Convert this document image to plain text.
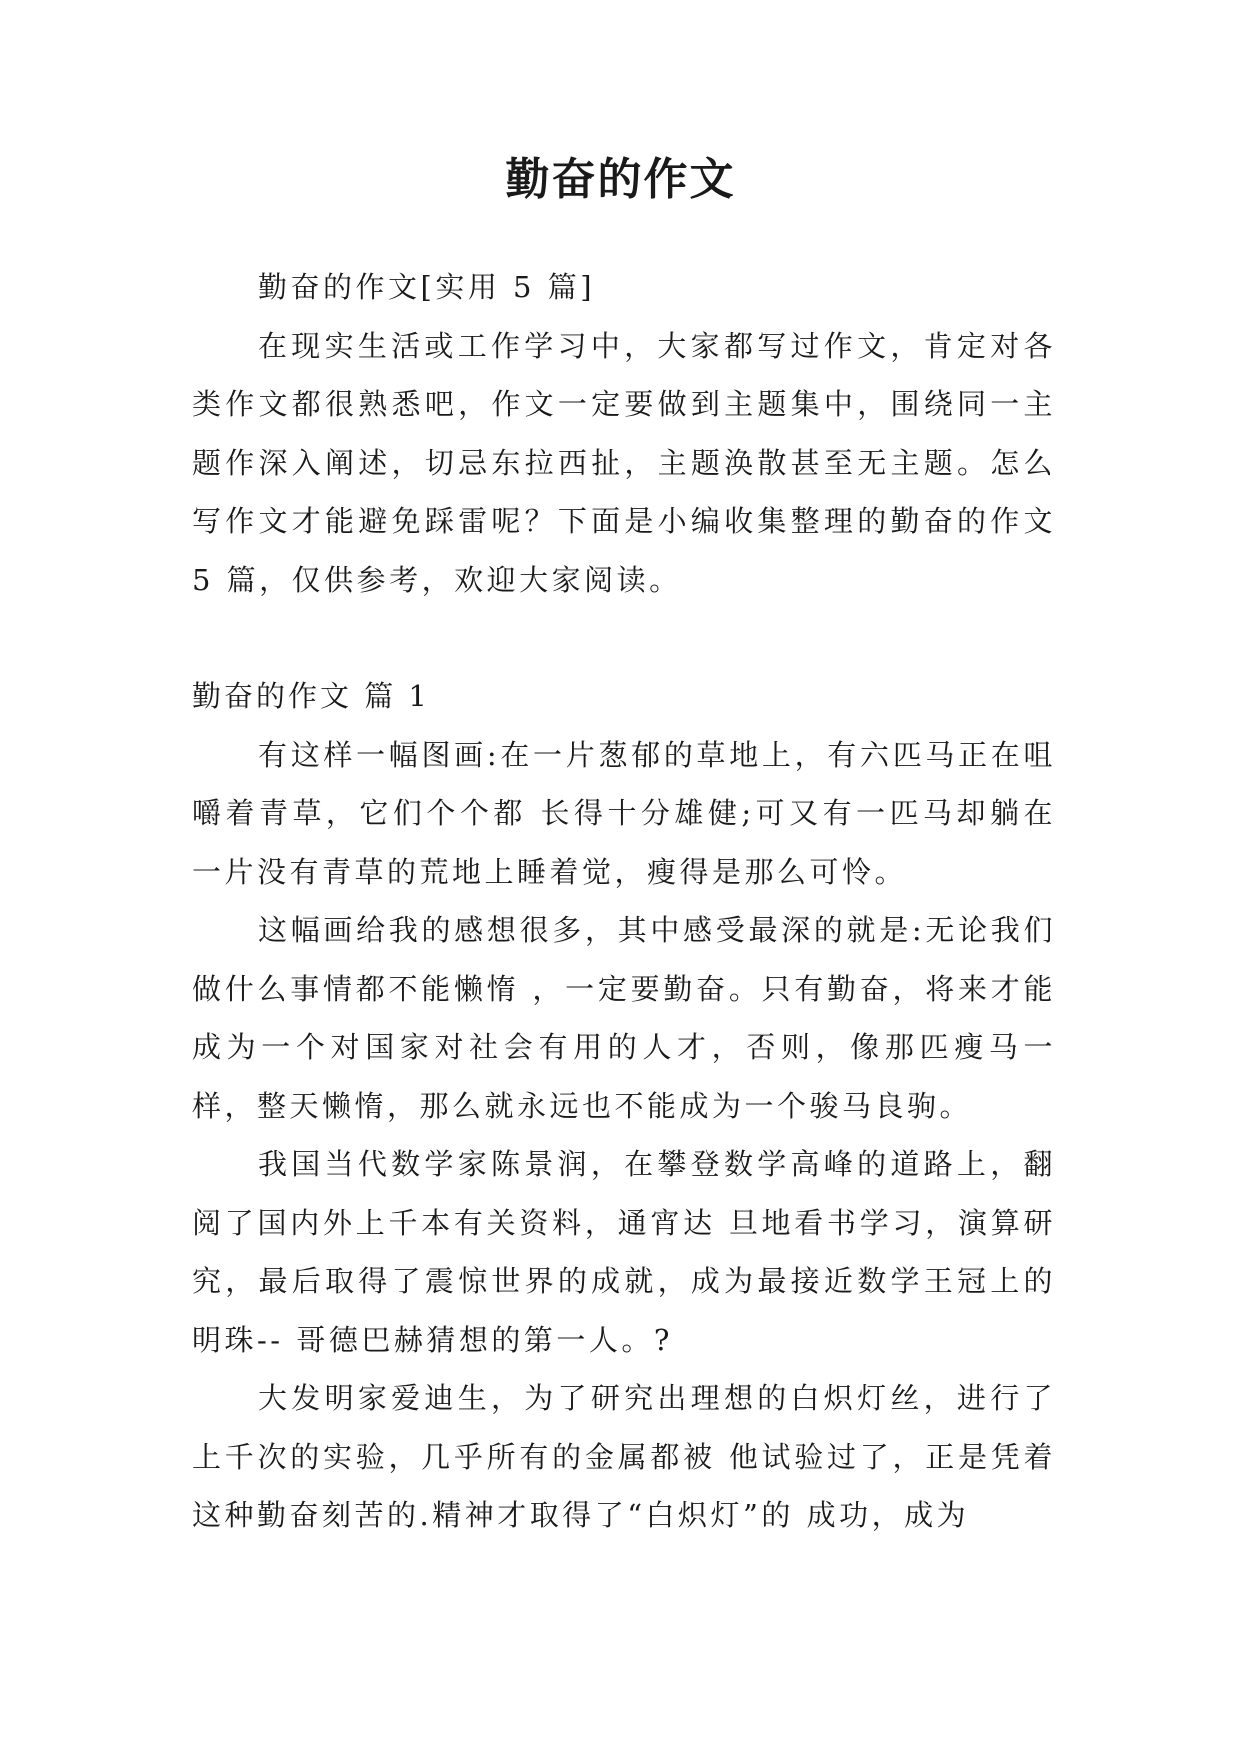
勤奋的作文

勤奋的作文[实用 5 篇]

在现实生活或工作学习中，大家都写过作文，肯定对各类作文都很熟悉吧，作文一定要做到主题集中，围绕同一主题作深入阐述，切忌东拉西扯，主题涣散甚至无主题。怎么写作文才能避免踩雷呢？下面是小编收集整理的勤奋的作文 5 篇，仅供参考，欢迎大家阅读。

勤奋的作文 篇 1

有这样一幅图画:在一片葱郁的草地上，有六匹马正在咀嚼着青草，它们个个都 长得十分雄健;可又有一匹马却躺在一片没有青草的荒地上睡着觉，瘦得是那么可怜。

这幅画给我的感想很多，其中感受最深的就是:无论我们做什么事情都不能懒惰 ，一定要勤奋。只有勤奋，将来才能成为一个对国家对社会有用的人才，否则，像那匹瘦马一样，整天懒惰，那么就永远也不能成为一个骏马良驹。

我国当代数学家陈景润，在攀登数学高峰的道路上，翻阅了国内外上千本有关资料，通宵达 旦地看书学习，演算研究，最后取得了震惊世界的成就，成为最接近数学王冠上的明珠-- 哥德巴赫猜想的第一人。?

大发明家爱迪生，为了研究出理想的白炽灯丝，进行了上千次的实验，几乎所有的金属都被 他试验过了，正是凭着这种勤奋刻苦的.精神才取得了“白炽灯”的 成功，成为
